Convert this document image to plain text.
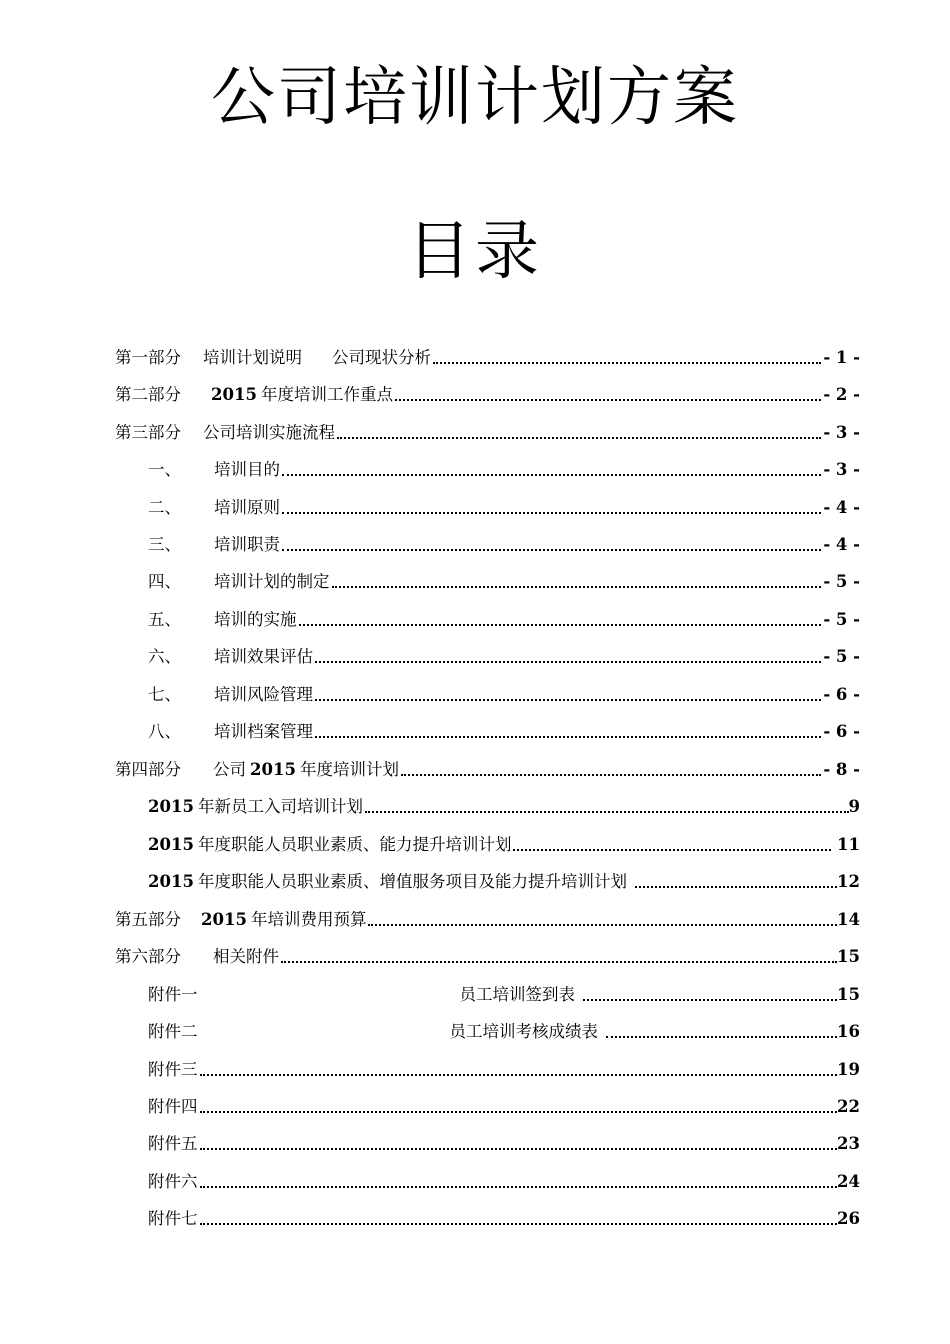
公司培训计划方案
目录
第一部分 培训计划说明 公司现状分析	- 1 -
第二部分 2015 年度培训工作重点	- 2 -
第三部分 公司培训实施流程	- 3 -
一、	培训目的	- 3 -
二、	培训原则	- 4 -
三、	培训职责	- 4 -
四、	培训计划的制定	- 5 -
五、	培训的实施	- 5 -
六、	培训效果评估	- 5 -
七、	培训风险管理	- 6 -
八、	培训档案管理	- 6 -
第四部分 公司 2015 年度培训计划	- 8 -
2015 年新员工入司培训计划	9
2015 年度职能人员职业素质、能力提升培训计划	11
2015 年度职能人员职业素质、增值服务项目及能力提升培训计划	12
第五部分 2015 年培训费用预算	14
第六部分 相关附件	15
附件一	员工培训签到表	15
附件二	员工培训考核成绩表	16
附件三	19
附件四	22
附件五	23
附件六	24
附件七	26
